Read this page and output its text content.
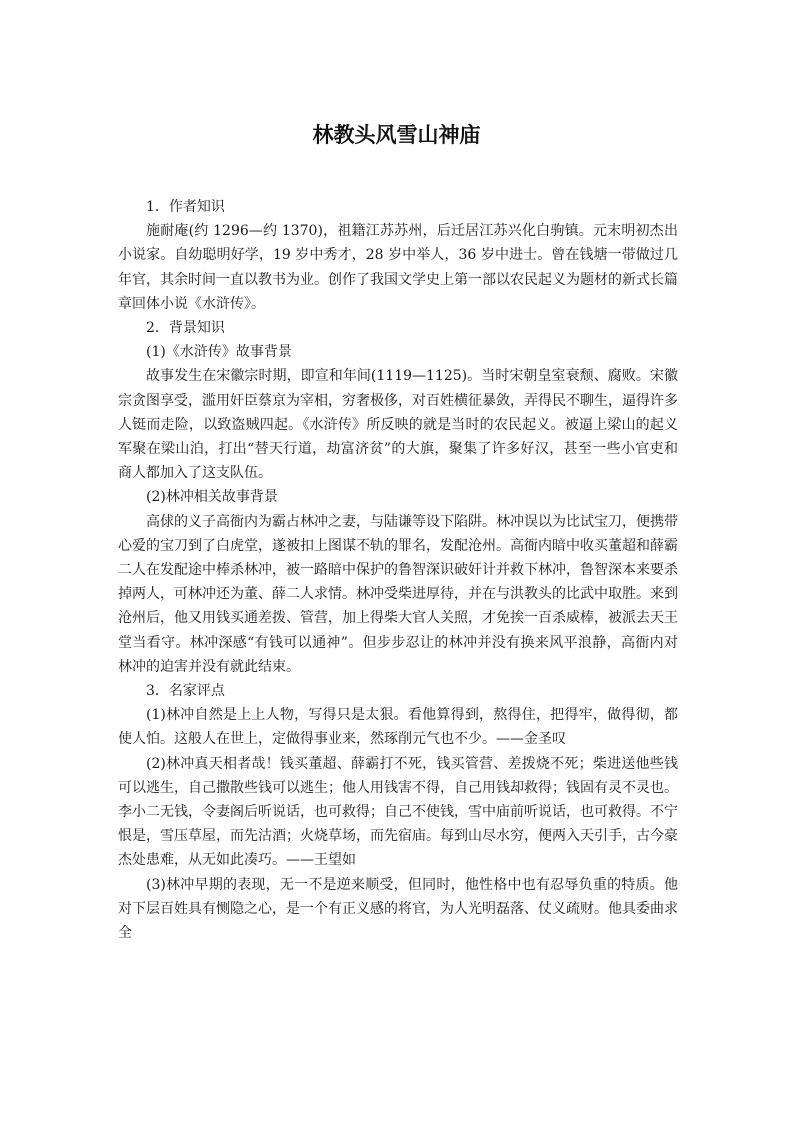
林教头风雪山神庙

1．作者知识

施耐庵(约 1296—约 1370)，祖籍江苏苏州，后迁居江苏兴化白驹镇。元末明初杰出小说家。自幼聪明好学，19 岁中秀才，28 岁中举人，36 岁中进士。曾在钱塘一带做过几年官，其余时间一直以教书为业。创作了我国文学史上第一部以农民起义为题材的新式长篇章回体小说《水浒传》。

2．背景知识

(1)《水浒传》故事背景

故事发生在宋徽宗时期，即宣和年间(1119—1125)。当时宋朝皇室衰颓、腐败。宋徽宗贪图享受，滥用奸臣蔡京为宰相，穷奢极侈，对百姓横征暴敛，弄得民不聊生，逼得许多人铤而走险，以致盗贼四起。《水浒传》所反映的就是当时的农民起义。被逼上梁山的起义军聚在梁山泊，打出“替天行道，劫富济贫”的大旗，聚集了许多好汉，甚至一些小官吏和商人都加入了这支队伍。

(2)林冲相关故事背景

高俅的义子高衙内为霸占林冲之妻，与陆谦等设下陷阱。林冲误以为比试宝刀，便携带心爱的宝刀到了白虎堂，遂被扣上图谋不轨的罪名，发配沧州。高衙内暗中收买董超和薛霸二人在发配途中棒杀林冲，被一路暗中保护的鲁智深识破奸计并救下林冲，鲁智深本来要杀掉两人，可林冲还为董、薛二人求情。林冲受柴进厚待，并在与洪教头的比武中取胜。来到沧州后，他又用钱买通差拨、管营，加上得柴大官人关照，才免挨一百杀威棒，被派去天王堂当看守。林冲深感“有钱可以通神”。但步步忍让的林冲并没有换来风平浪静，高衙内对林冲的迫害并没有就此结束。

3．名家评点

(1)林冲自然是上上人物，写得只是太狠。看他算得到，熬得住，把得牢，做得彻，都使人怕。这般人在世上，定做得事业来，然琢削元气也不少。——金圣叹

(2)林冲真天相者哉！钱买董超、薛霸打不死，钱买管营、差拨烧不死；柴进送他些钱可以逃生，自己撒散些钱可以逃生；他人用钱害不得，自己用钱却救得；钱固有灵不灵也。李小二无钱，令妻阁后听说话，也可救得；自己不使钱，雪中庙前听说话，也可救得。不宁恨是，雪压草屋，而先沽酒；火烧草场，而先宿庙。每到山尽水穷，便两入天引手，古今豪杰处患难，从无如此凑巧。——王望如

(3)林冲早期的表现，无一不是逆来顺受，但同时，他性格中也有忍辱负重的特质。他对下层百姓具有恻隐之心，是一个有正义感的将官，为人光明磊落、仗义疏财。他具委曲求全
